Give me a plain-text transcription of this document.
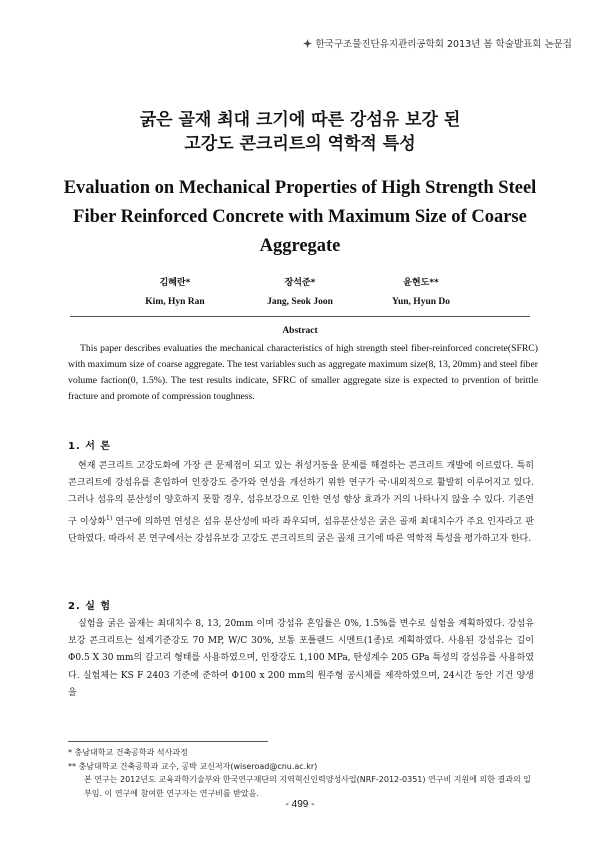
한국구조물진단유지관리공학회 2013년 봄 학술발표회 논문집
굵은 골재 최대 크기에 따른 강섬유 보강 된
고강도 콘크리트의 역학적 특성
Evaluation on Mechanical Properties of High Strength Steel
Fiber Reinforced Concrete with Maximum Size of Coarse
Aggregate
김혜란*
Kim, Hyn Ran
장석준*
Jang, Seok Joon
윤현도**
Yun, Hyun Do
Abstract

This paper describes evaluaties the mechanical characteristics of high strength steel fiber-reinforced concrete(SFRC) with maximum size of coarse aggregate. The test variables such as aggregate maximum size(8, 13, 20mm) and steel fiber volume faction(0, 1.5%). The test results indicate, SFRC of smaller aggregate size is expected to prvention of brittle fracture and promote of compression toughness.

1. 서 론

현재 콘크리트 고강도화에 가장 큰 문제점이 되고 있는 취성거동을 문제를 해결하는 콘크리트 개발에 이르렀다. 특히 콘크리트에 강섬유를 혼입하여 인장강도 증가와 연성을 개선하기 위한 연구가 국·내외적으로 활발히 이루어지고 있다. 그러나 섬유의 분산성이 양호하지 못할 경우, 섬유보강으로 인한 연성 향상 효과가 거의 나타나지 않을 수 있다. 기존연구 이상화$^{1)}$ 연구에 의하면 연성은 섬유 분산성에 따라 좌우되며, 섬유분산성은 굵은 골재 최대치수가 주요 인자라고 판단하였다. 따라서 본 연구에서는 강섬유보강 고강도 콘크리트의 굵은 골재 크기에 따른 역학적 특성을 평가하고자 한다.

2. 실 험

실험을 굵은 골재는 최대치수 8, 13, 20mm 이며 강섬유 혼입률은 0%, 1.5%를 변수로 실험을 계획하였다. 강섬유보강 콘크리트는 설계기준강도 70 MP, W/C 30%, 보통 포틀랜드 시멘트(1종)로 계획하였다. 사용된 강섬유는 길이 Φ0.5 X 30 mm의 갈고리 형태를 사용하였으며, 인장강도 1,100 MPa, 탄성계수 205 GPa 특성의 강섬유를 사용하였다. 실험체는 KS F 2403 기준에 준하여 Φ100 x 200 mm의 원주형 공시체를 제작하였으며, 24시간 동안 기건 양생을

* 충남대학교 건축공학과 석사과정

** 충남대학교 건축공학과 교수, 공박 교신저자(wiseroad@cnu.ac.kr)

본 연구는 2012년도 교육과학기술부와 한국연구재단의 지역혁신인력양성사업(NRF-2012-0351) 연구비 지원에 의한 결과의 일부임. 이 연구에 참여한 연구자는 연구비를 받았음.

- 499 -
